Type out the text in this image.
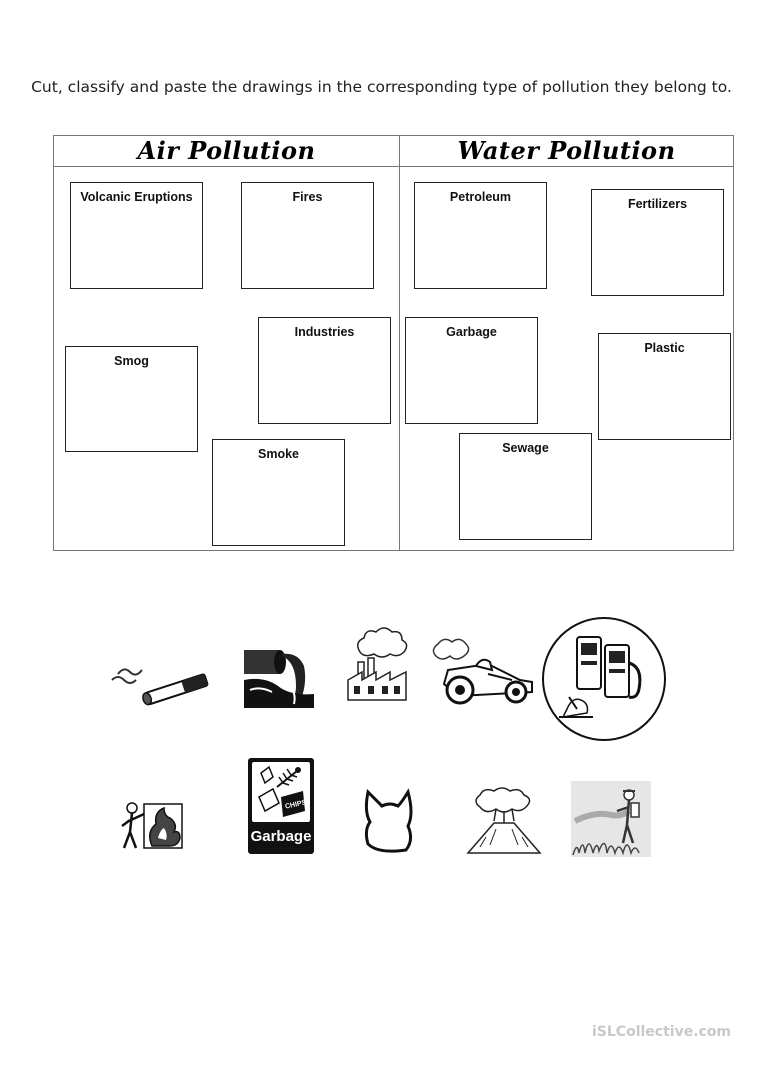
Cut, classify and paste the drawings in the corresponding type of pollution they belong to.
Air Pollution	Water Pollution
Volcanic Eruptions	Fires
Industries
Smog
Smoke
Petroleum	Fertilizers
Garbage
Plastic
Sewage
CHIPS
Garbage
iSLCollective.com
